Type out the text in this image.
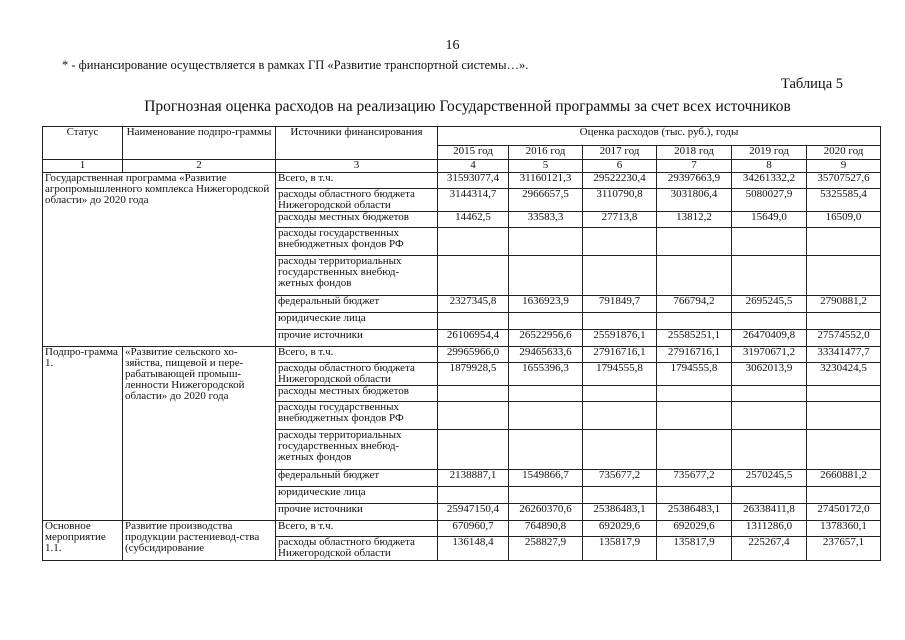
16
* - финансирование осуществляется в рамках ГП «Развитие транспортной системы…».
Таблица 5
Прогнозная оценка расходов на реализацию Государственной программы за счет всех источников
Статус	Наименование подпро-граммы	Источники финансирования	Оценка расходов (тыс. руб.), годы					
			2015 год	2016 год	2017 год	2018 год	2019 год	2020 год
1	2	3	4	5	6	7	8	9
Государственная программа «Развитие агропромышленного комплекса Нижегородской области» до 2020 года		Всего, в т.ч.	31593077,4	31160121,3	29522230,4	29397663,9	34261332,2	35707527,6
		расходы областного бюджета Нижегородской области	3144314,7	2966657,5	3110790,8	3031806,4	5080027,9	5325585,4
		расходы местных бюджетов	14462,5	33583,3	27713,8	13812,2	15649,0	16509,0
		расходы государственных внебюджетных фондов РФ						
		расходы территориальных государственных внебюд-жетных фондов						
		федеральный бюджет	2327345,8	1636923,9	791849,7	766794,2	2695245,5	2790881,2
		юридические лица						
		прочие источники	26106954,4	26522956,6	25591876,1	25585251,1	26470409,8	27574552,0
Подпро-грамма 1.	«Развитие сельского хо-зяйства, пищевой и пере-рабатывающей промыш-ленности Нижегородской области» до 2020 года	Всего, в т.ч.	29965966,0	29465633,6	27916716,1	27916716,1	31970671,2	33341477,7
		расходы областного бюджета Нижегородской области	1879928,5	1655396,3	1794555,8	1794555,8	3062013,9	3230424,5
		расходы местных бюджетов						
		расходы государственных внебюджетных фондов РФ						
		расходы территориальных государственных внебюд-жетных фондов						
		федеральный бюджет	2138887,1	1549866,7	735677,2	735677,2	2570245,5	2660881,2
		юридические лица						
		прочие источники	25947150,4	26260370,6	25386483,1	25386483,1	26338411,8	27450172,0
Основное мероприятие 1.1.	Развитие производства продукции растениевод-ства (субсидирование	Всего, в т.ч.	670960,7	764890,8	692029,6	692029,6	1311286,0	1378360,1
		расходы областного бюджета Нижегородской области	136148,4	258827,9	135817,9	135817,9	225267,4	237657,1
